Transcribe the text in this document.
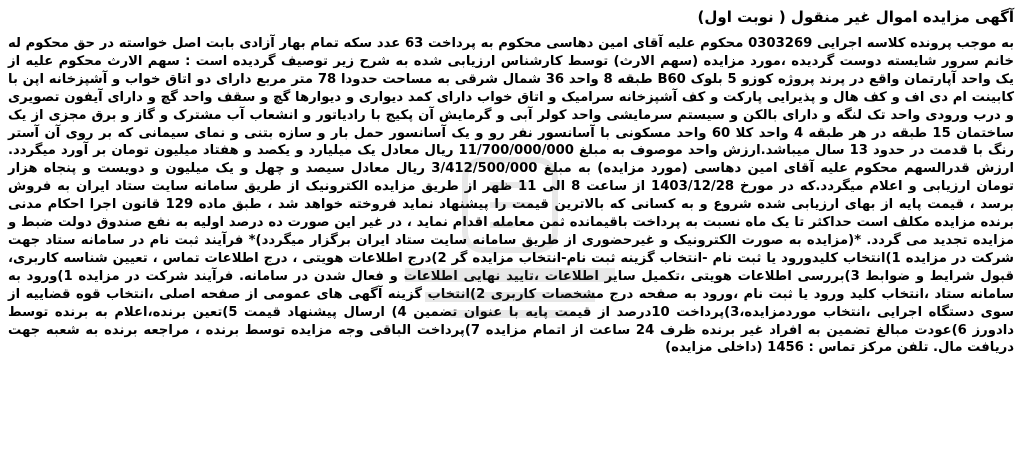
آگهی مزایده اموال غیر منقول ( نوبت اول)

به موجب پرونده کلاسه اجرایی 0303269 محکوم علیه آقای امین دهاسی محکوم به پرداخت 63 عدد سکه تمام بهار آزادی بابت اصل خواسته در حق محکوم له خانم سرور شایسته دوست گردیده ،مورد مزایده (سهم الارث) توسط کارشناس ارزیابی شده به شرح زیر توصیف گردیده است : سهم الارث محکوم علیه از یک واحد آپارتمان واقع در پرند پروژه کوزو 5 بلوک B60 طبقه 8 واحد 36 شمال شرقی به مساحت حدودا 78 متر مربع دارای دو اتاق خواب و آشپزخانه اپن با کابینت ام دی اف و کف هال و پذیرایی پارکت و کف آشپزخانه سرامیک و اتاق خواب دارای کمد دیواری و دیوارها گچ و سقف واحد گچ و دارای آیفون تصویری و درب ورودی واحد تک لنگه و دارای بالکن و سیستم سرمایشی واحد کولر آبی و گرمایش آن پکیج با رادیاتور و انشعاب آب مشترک و گاز و برق مجزی از یک ساختمان 15 طبقه در هر طبقه 4 واحد کلا 60 واحد مسکونی با آسانسور نفر رو و یک آسانسور حمل بار و سازه بتنی و نمای سیمانی که بر روی آن آستر رنگ با قدمت در حدود 13 سال میباشد.ارزش واحد موصوف به مبلغ 11/700/000/000 ریال معادل یک میلیارد و یکصد و هفتاد میلیون تومان بر آورد میگردد. ارزش قدرالسهم محکوم علیه آقای امین دهاسی (مورد مزایده) به مبلغ 3/412/500/000 ریال معادل سیصد و چهل و یک میلیون و دویست و پنجاه هزار تومان ارزیابی و اعلام میگردد.که در مورخ 1403/12/28 از ساعت 8 الی 11 ظهر از طریق مزایده الکترونیک از طریق سامانه سایت ستاد ایران به فروش برسد ، قیمت پایه از بهای ارزیابی شده شروع و به کسانی که بالاترین قیمت را پیشنهاد نماید فروخته خواهد شد ، طبق ماده 129 قانون اجرا احکام مدنی برنده مزایده مکلف است حداکثر تا یک ماه نسبت به پرداخت باقیمانده ثمن معامله اقدام نماید ، در غیر این صورت ده درصد اولیه به نفع صندوق دولت ضبط و مزایده تجدید می گردد. *(مزایده به صورت الکترونیک و غیرحضوری از طریق سامانه سایت ستاد ایران برگزار میگردد)* فرآیند ثبت نام در سامانه ستاد جهت شرکت در مزایده 1)انتخاب کلیدورود یا ثبت نام -انتخاب گزینه ثبت نام-انتخاب مزایده گر 2)درج اطلاعات هویتی ، درج اطلاعات تماس ، تعیین شناسه کاربری، قبول شرایط و ضوابط 3)بررسی اطلاعات هویتی ،تکمیل سایر اطلاعات ،تایید نهایی اطلاعات و فعال شدن در سامانه. فرآیند شرکت در مزایده 1)ورود به سامانه ستاد ،انتخاب کلید ورود یا ثبت نام ،ورود به صفحه درج مشخصات کاربری 2)انتخاب گزینه آگهی های عمومی از صفحه اصلی ،انتخاب قوه قضاییه از سوی دستگاه اجرایی ،انتخاب موردمزایده،3)پرداخت 10درصد از قیمت پایه با عنوان تضمین 4) ارسال پیشنهاد قیمت 5)تعین برنده،اعلام به برنده توسط دادورز 6)عودت مبالغ تضمین به افراد غیر برنده ظرف 24 ساعت از اتمام مزایده 7)پرداخت الباقی وجه مزایده توسط برنده ، مراجعه برنده به شعبه جهت دریافت مال. تلفن مرکز تماس : 1456 (داخلی مزایده)
